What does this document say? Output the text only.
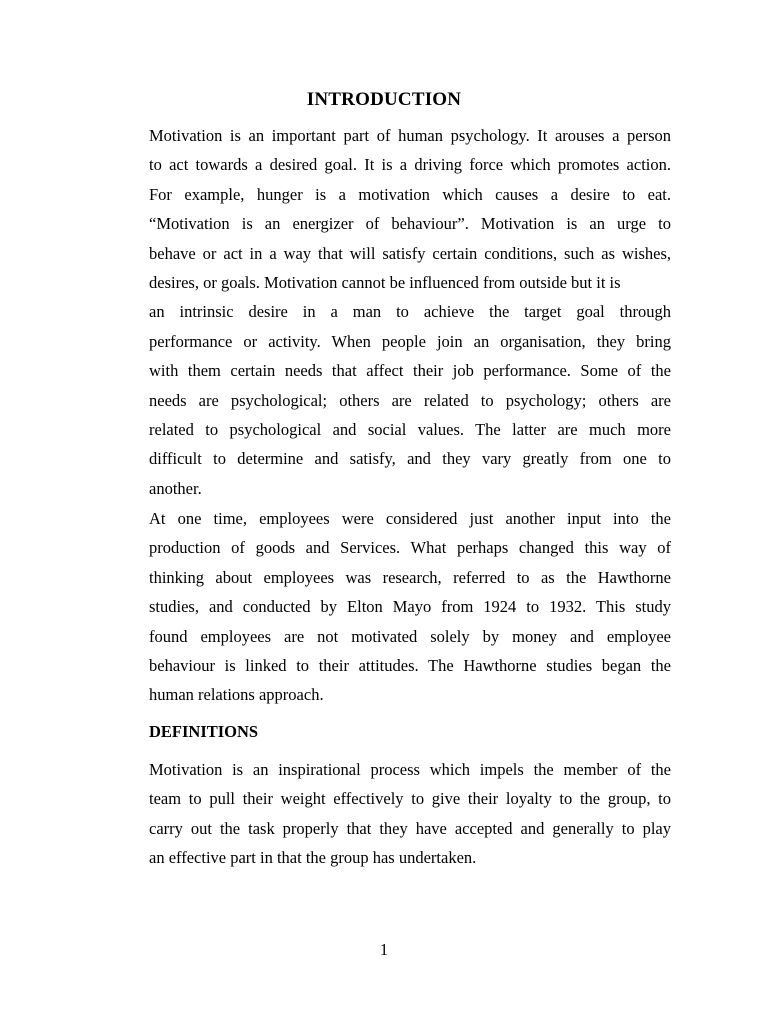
INTRODUCTION
Motivation is an important part of human psychology. It arouses a person
to act towards a desired goal. It is a driving force which promotes action.
For example, hunger is a motivation which causes a desire to eat.
“Motivation is an energizer of behaviour”. Motivation is an urge to
behave or act in a way that will satisfy certain conditions, such as wishes,
desires, or goals. Motivation cannot be influenced from outside but it is
an intrinsic desire in a man to achieve the target goal through
performance or activity. When people join an organisation, they bring
with them certain needs that affect their job performance. Some of the
needs are psychological; others are related to psychology; others are
related to psychological and social values. The latter are much more
difficult to determine and satisfy, and they vary greatly from one to
another.
At one time, employees were considered just another input into the
production of goods and Services. What perhaps changed this way of
thinking about employees was research, referred to as the Hawthorne
studies, and conducted by Elton Mayo from 1924 to 1932. This study
found employees are not motivated solely by money and employee
behaviour is linked to their attitudes. The Hawthorne studies began the
human relations approach.
DEFINITIONS
Motivation is an inspirational process which impels the member of the
team to pull their weight effectively to give their loyalty to the group, to
carry out the task properly that they have accepted and generally to play
an effective part in that the group has undertaken.
1
